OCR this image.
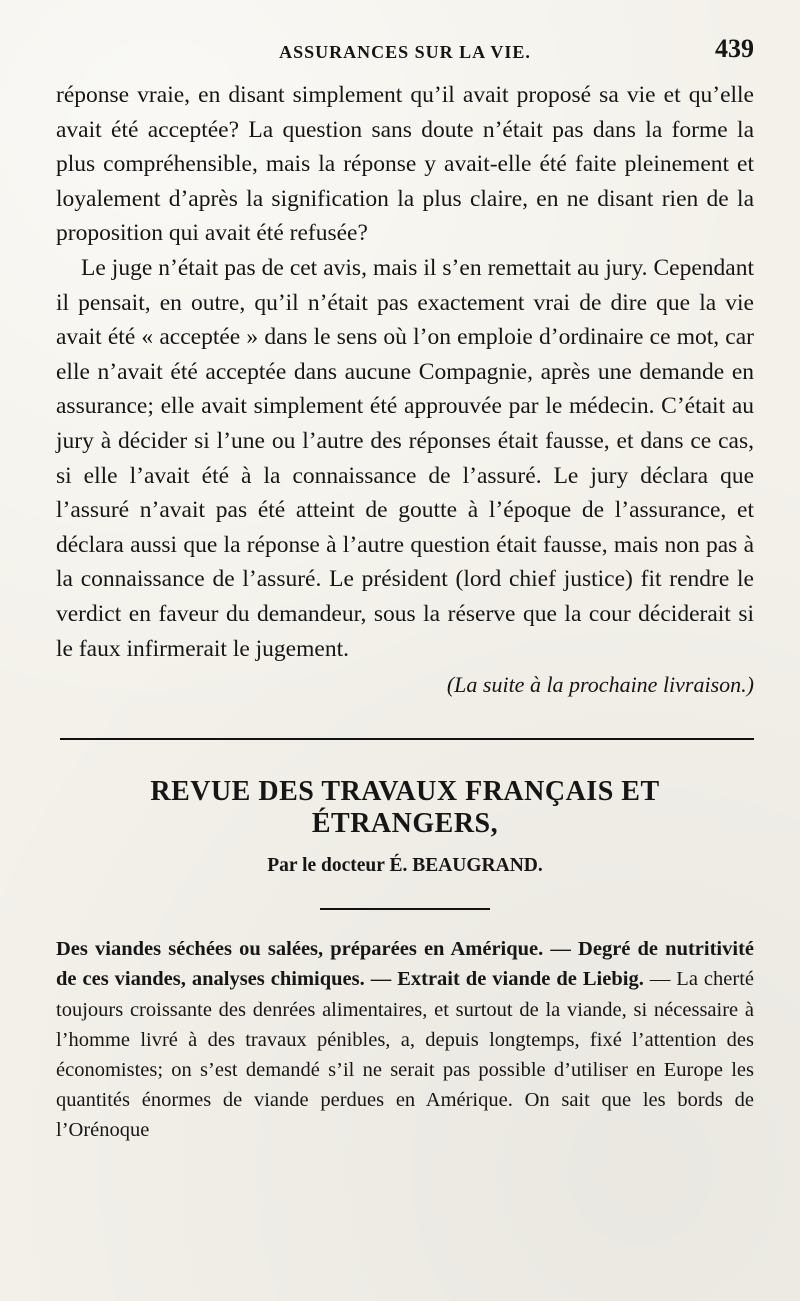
ASSURANCES SUR LA VIE.	439

réponse vraie, en disant simplement qu’il avait proposé sa vie et qu’elle avait été acceptée? La question sans doute n’était pas dans la forme la plus compréhensible, mais la réponse y avait-elle été faite pleinement et loyalement d’après la signification la plus claire, en ne disant rien de la proposition qui avait été refusée?

Le juge n’était pas de cet avis, mais il s’en remettait au jury. Cependant il pensait, en outre, qu’il n’était pas exactement vrai de dire que la vie avait été « acceptée » dans le sens où l’on emploie d’ordinaire ce mot, car elle n’avait été acceptée dans aucune Compagnie, après une demande en assurance; elle avait simplement été approuvée par le médecin. C’était au jury à décider si l’une ou l’autre des réponses était fausse, et dans ce cas, si elle l’avait été à la connaissance de l’assuré. Le jury déclara que l’assuré n’avait pas été atteint de goutte à l’époque de l’assurance, et déclara aussi que la réponse à l’autre question était fausse, mais non pas à la connaissance de l’assuré. Le président (lord chief justice) fit rendre le verdict en faveur du demandeur, sous la réserve que la cour déciderait si le faux infirmerait le jugement.

(La suite à la prochaine livraison.)
REVUE DES TRAVAUX FRANÇAIS ET ÉTRANGERS,
Par le docteur É. BEAUGRAND.

Des viandes séchées ou salées, préparées en Amérique. — Degré de nutritivité de ces viandes, analyses chimiques. — Extrait de viande de Liebig. — La cherté toujours croissante des denrées alimentaires, et surtout de la viande, si nécessaire à l’homme livré à des travaux pénibles, a, depuis longtemps, fixé l’attention des économistes; on s’est demandé s’il ne serait pas possible d’utiliser en Europe les quantités énormes de viande perdues en Amérique. On sait que les bords de l’Orénoque
